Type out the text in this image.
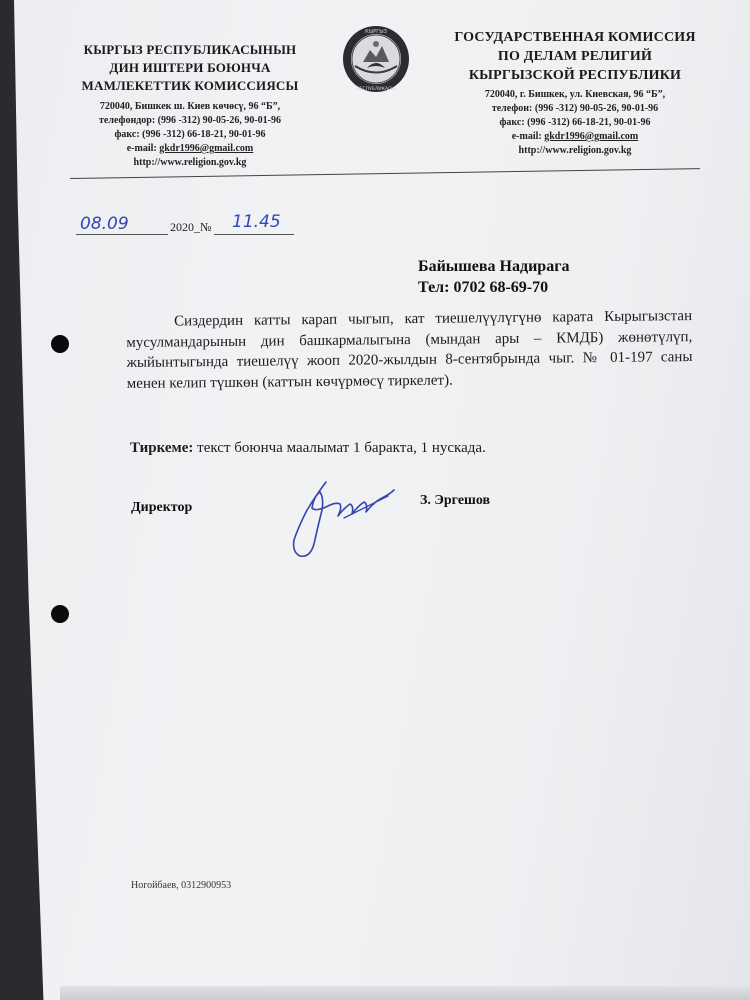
КЫРГЫЗ РЕСПУБЛИКАСЫНЫН
ДИН ИШТЕРИ БОЮНЧА
МАМЛЕКЕТТИК КОМИССИЯСЫ
720040, Бишкек ш. Киев көчөсү, 96 “Б”,
телефондор: (996 -312) 90-05-26, 90-01-96
факс: (996 -312) 66-18-21, 90-01-96
e-mail: gkdr1996@gmail.com
http://www.religion.gov.kg
КЫРГЫЗ
РЕСПУБЛИКАСЫ
ГОСУДАРСТВЕННАЯ КОМИССИЯ
ПО ДЕЛАМ РЕЛИГИЙ
КЫРГЫЗСКОЙ РЕСПУБЛИКИ
720040, г. Бишкек, ул. Киевская, 96 “Б”,
телефон: (996 -312) 90-05-26, 90-01-96
факс: (996 -312) 66-18-21, 90-01-96
e-mail: gkdr1996@gmail.com
http://www.religion.gov.kg
08.09	2020_№ 11.45
Байышева Надирага
Тел: 0702 68-69-70
Сиздердин катты карап чыгып, кат тиешелүүлүгүнө карата Кырыгызстан мусулмандарынын дин башкармалыгына (мындан ары – КМДБ) жөнөтүлүп, жыйынтыгында тиешелүү жооп 2020-жылдын 8-сентябрында чыг. № 01-197 саны менен келип түшкөн (каттын көчүрмөсү тиркелет).
Тиркеме: текст боюнча маалымат 1 баракта, 1 нускада.
Директор	З. Эргешов
Ногойбаев, 0312900953
